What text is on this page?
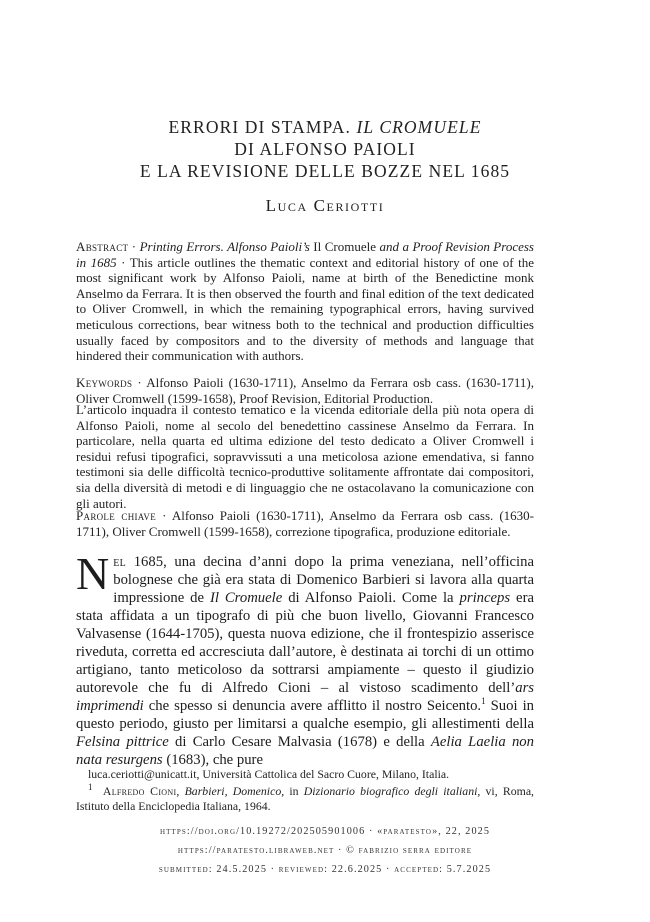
ERRORI DI STAMPA. IL CROMUELE
DI ALFONSO PAIOLI
E LA REVISIONE DELLE BOZZE NEL 1685
Luca Ceriotti
Abstract · Printing Errors. Alfonso Paioli’s Il Cromuele and a Proof Revision Process in 1685 · This article outlines the thematic context and editorial history of one of the most significant work by Alfonso Paioli, name at birth of the Benedictine monk Anselmo da Ferrara. It is then observed the fourth and final edition of the text dedicated to Oliver Cromwell, in which the remaining typographical errors, having survived meticulous corrections, bear witness both to the technical and production difficulties usually faced by compositors and to the diversity of methods and language that hindered their communication with authors.
Keywords · Alfonso Paioli (1630-1711), Anselmo da Ferrara osb cass. (1630-1711), Oliver Cromwell (1599-1658), Proof Revision, Editorial Production.
L’articolo inquadra il contesto tematico e la vicenda editoriale della più nota opera di Alfonso Paioli, nome al secolo del benedettino cassinese Anselmo da Ferrara. In particolare, nella quarta ed ultima edizione del testo dedicato a Oliver Cromwell i residui refusi tipografici, sopravvissuti a una meticolosa azione emendativa, si fanno testimoni sia delle difficoltà tecnico-produttive solitamente affrontate dai compositori, sia della diversità di metodi e di linguaggio che ne ostacolavano la comunicazione con gli autori.
Parole chiave · Alfonso Paioli (1630-1711), Anselmo da Ferrara osb cass. (1630-1711), Oliver Cromwell (1599-1658), correzione tipografica, produzione editoriale.
Nel 1685, una decina d’anni dopo la prima veneziana, nell’officina bolognese che già era stata di Domenico Barbieri si lavora alla quarta impressione de Il Cromuele di Alfonso Paioli. Come la princeps era stata affidata a un tipografo di più che buon livello, Giovanni Francesco Valvasense (1644-1705), questa nuova edizione, che il frontespizio asserisce riveduta, corretta ed accresciuta dall’autore, è destinata ai torchi di un ottimo artigiano, tanto meticoloso da sottrarsi ampiamente – questo il giudizio autorevole che fu di Alfredo Cioni – al vistoso scadimento dell’ars imprimendi che spesso si denuncia avere afflitto il nostro Seicento.$^1$ Suoi in questo periodo, giusto per limitarsi a qualche esempio, gli allestimenti della Felsina pittrice di Carlo Cesare Malvasia (1678) e della Aelia Laelia non nata resurgens (1683), che pure
luca.ceriotti@unicatt.it, Università Cattolica del Sacro Cuore, Milano, Italia.
$^1$ Alfredo Cioni, Barbieri, Domenico, in Dizionario biografico degli italiani, vi, Roma, Istituto della Enciclopedia Italiana, 1964.
https://doi.org/10.19272/202505901006 · «paratesto», 22, 2025
https://paratesto.libraweb.net · © fabrizio serra editore
submitted: 24.5.2025 · reviewed: 22.6.2025 · accepted: 5.7.2025
